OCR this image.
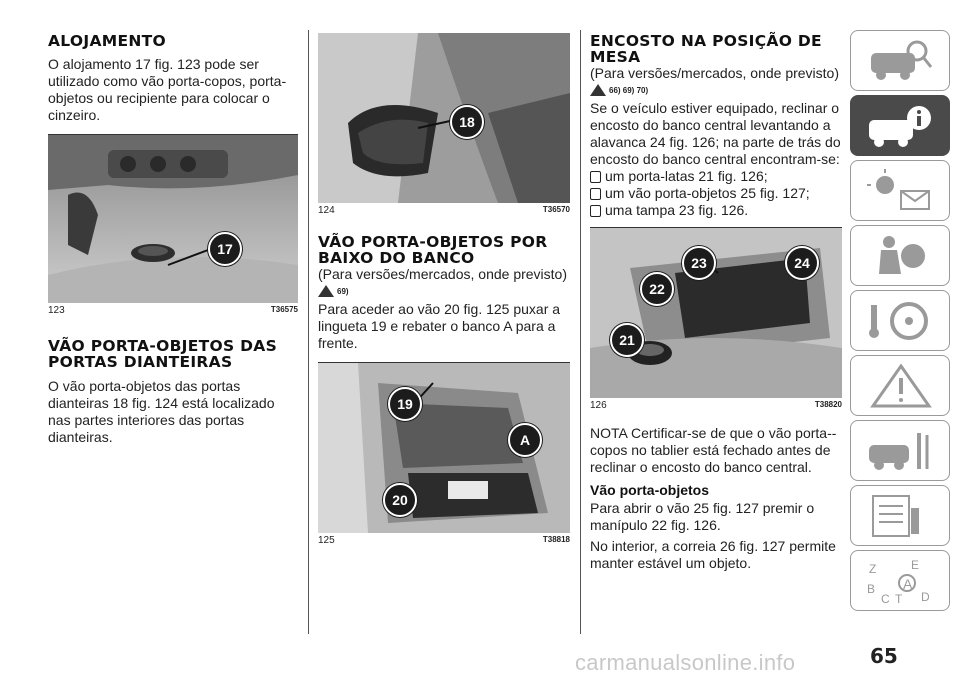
ALOJAMENTO

O alojamento 17 fig. 123 pode ser utilizado como vão porta-copos, porta-objetos ou recipiente para colocar o cinzeiro.

17
123	T36575
VÃO PORTA-OBJETOS DAS PORTAS DIANTEIRAS

O vão porta-objetos das portas dianteiras 18 fig. 124 está localizado nas partes interiores das portas dianteiras.

18
124	T36570
VÃO PORTA-OBJETOS POR BAIXO DO BANCO

(Para versões/mercados, onde previsto)

69)

Para aceder ao vão 20 fig. 125 puxar a lingueta 19 e rebater o banco A para a frente.

19
A
20
125	T38818
ENCOSTO NA POSIÇÃO DE MESA

(Para versões/mercados, onde previsto)

66) 69) 70)

Se o veículo estiver equipado, reclinar o encosto do banco central levantando a alavanca 24 fig. 126; na parte de trás do encosto do banco central encontram-se:

um porta-latas 21 fig. 126;
um vão porta-objetos 25 fig. 127;
uma tampa 23 fig. 126.
23	24
22
21
126	T38820

NOTA Certificar-se de que o vão porta--copos no tablier está fechado antes de reclinar o encosto do banco central.

Vão porta-objetos

Para abrir o vão 25 fig. 127 premir o manípulo 22 fig. 126.

No interior, a correia 26 fig. 127 permite manter estável um objeto.	Z	E
B A
C T D
65
carmanualsonline.info
